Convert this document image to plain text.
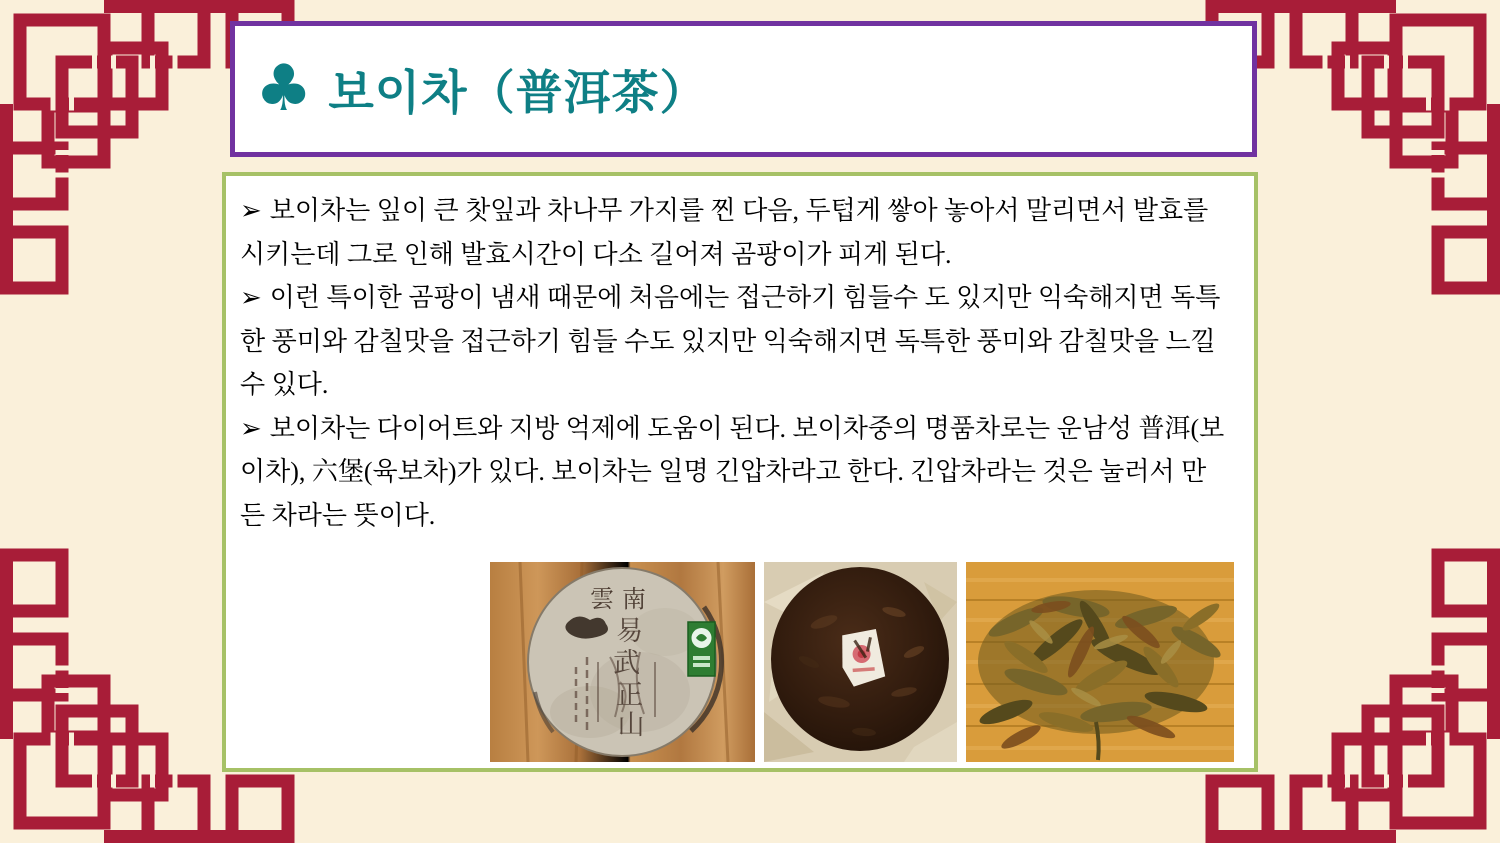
♣ 보이차（普洱茶）

➢ 보이차는 잎이 큰 찻잎과 차나무 가지를 찐 다음, 두텁게 쌓아 놓아서 말리면서 발효를 시키는데 그로 인해 발효시간이 다소 길어져 곰팡이가 피게 된다.

➢ 이런 특이한 곰팡이 냄새 때문에 처음에는 접근하기 힘들수 도 있지만 익숙해지면 독특한 풍미와 감칠맛을 접근하기 힘들 수도 있지만 익숙해지면 독특한 풍미와 감칠맛을 느낄 수 있다.

➢ 보이차는 다이어트와 지방 억제에 도움이 된다. 보이차중의 명품차로는 운남성 普洱(보이차), 六堡(육보차)가 있다. 보이차는 일명 긴압차라고 한다. 긴압차라는 것은 눌러서 만든 차라는 뜻이다.

雲南
易 武 正 山
